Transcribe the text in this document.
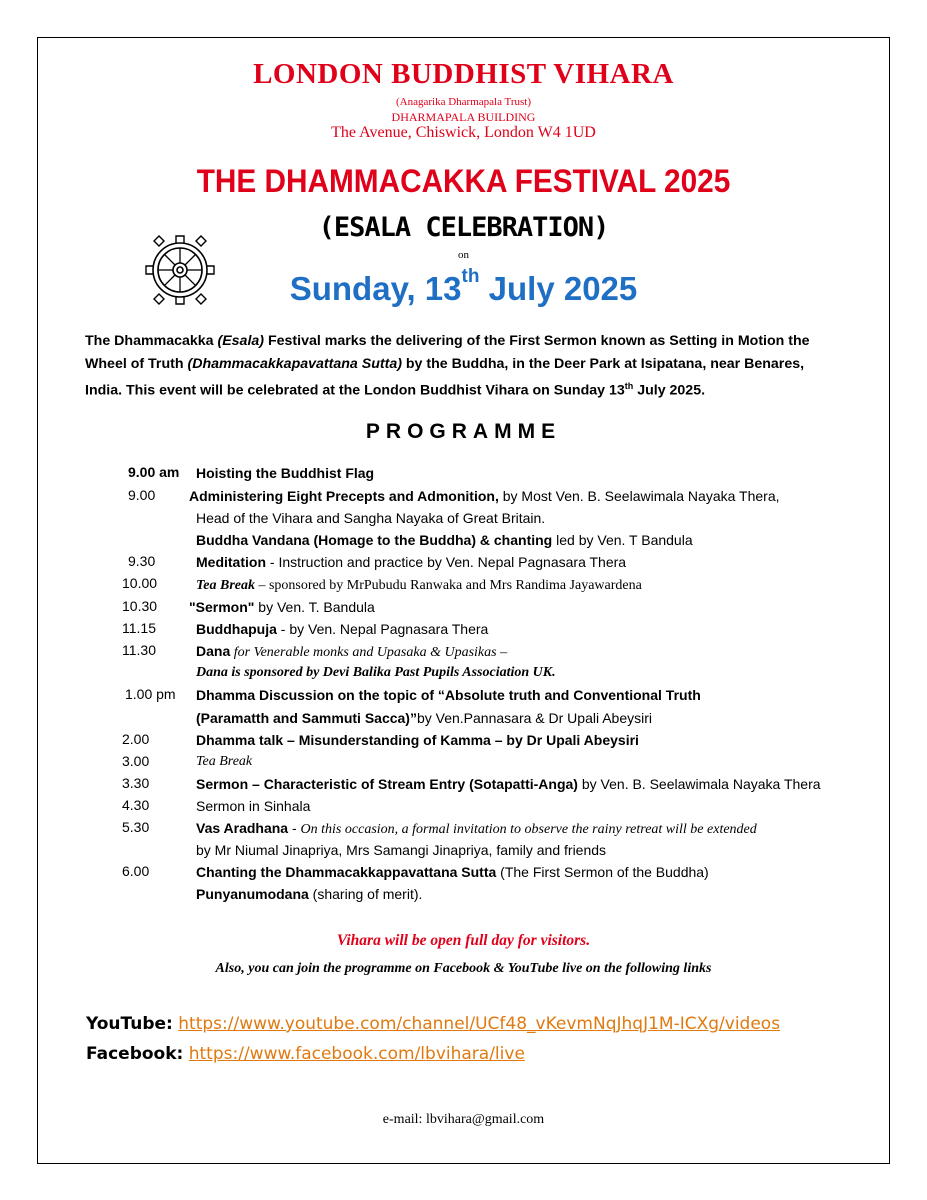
LONDON BUDDHIST VIHARA
(Anagarika Dharmapala Trust)
DHARMAPALA BUILDING
The Avenue, Chiswick, London W4 1UD
THE DHAMMACAKKA FESTIVAL 2025
(ESALA CELEBRATION)
on
Sunday, 13th July 2025
The Dhammacakka (Esala) Festival marks the delivering of the First Sermon known as Setting in Motion the Wheel of Truth (Dhammacakkapavattana Sutta) by the Buddha, in the Deer Park at Isipatana, near Benares, India. This event will be celebrated at the London Buddhist Vihara on Sunday 13th July 2025.
PROGRAMME
9.00 am Hoisting the Buddhist Flag
9.00 Administering Eight Precepts and Admonition, by Most Ven. B. Seelawimala Nayaka Thera,
Head of the Vihara and Sangha Nayaka of Great Britain.
Buddha Vandana (Homage to the Buddha) & chanting led by Ven. T Bandula
9.30	Meditation - Instruction and practice by Ven. Nepal Pagnasara Thera
10.00	Tea Break – sponsored by MrPubudu Ranwaka and Mrs Randima Jayawardena
10.30 "Sermon" by Ven. T. Bandula
11.15	Buddhapuja - by Ven. Nepal Pagnasara Thera
11.30	Dana for Venerable monks and Upasaka & Upasikas –
Dana is sponsored by Devi Balika Past Pupils Association UK.
1.00 pm Dhamma Discussion on the topic of “Absolute truth and Conventional Truth
(Paramatth and Sammuti Sacca)”by Ven.Pannasara & Dr Upali Abeysiri
2.00	Dhamma talk – Misunderstanding of Kamma – by Dr Upali Abeysiri
3.00	Tea Break
3.30	Sermon – Characteristic of Stream Entry (Sotapatti-Anga) by Ven. B. Seelawimala Nayaka Thera
4.30	Sermon in Sinhala
5.30	Vas Aradhana - On this occasion, a formal invitation to observe the rainy retreat will be extended
by Mr Niumal Jinapriya, Mrs Samangi Jinapriya, family and friends
6.00	Chanting the Dhammacakkappavattana Sutta (The First Sermon of the Buddha)
Punyanumodana (sharing of merit).
Vihara will be open full day for visitors.
Also, you can join the programme on Facebook & YouTube live on the following links
YouTube: https://www.youtube.com/channel/UCf48_vKevmNqJhqJ1M-ICXg/videos
Facebook: https://www.facebook.com/lbvihara/live
e-mail: lbvihara@gmail.com
